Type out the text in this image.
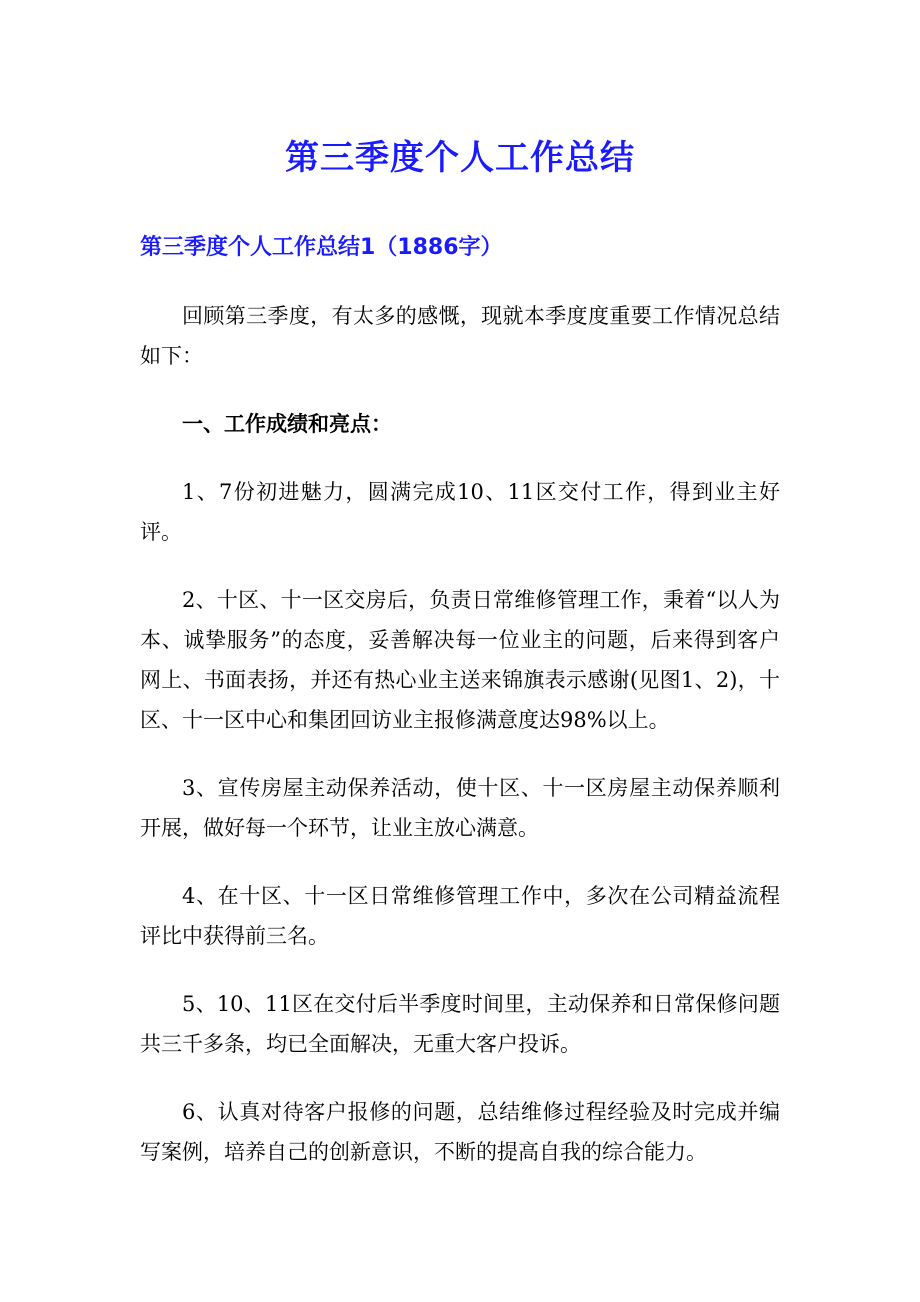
第三季度个人工作总结
第三季度个人工作总结1（1886字）

回顾第三季度，有太多的感慨，现就本季度度重要工作情况总结如下：

一、工作成绩和亮点：

1、7份初进魅力，圆满完成10、11区交付工作，得到业主好评。

2、十区、十一区交房后，负责日常维修管理工作，秉着“以人为本、诚挚服务”的态度，妥善解决每一位业主的问题，后来得到客户网上、书面表扬，并还有热心业主送来锦旗表示感谢(见图1、2)，十区、十一区中心和集团回访业主报修满意度达98%以上。

3、宣传房屋主动保养活动，使十区、十一区房屋主动保养顺利开展，做好每一个环节，让业主放心满意。

4、在十区、十一区日常维修管理工作中，多次在公司精益流程评比中获得前三名。

5、10、11区在交付后半季度时间里，主动保养和日常保修问题共三千多条，均已全面解决，无重大客户投诉。

6、认真对待客户报修的问题，总结维修过程经验及时完成并编写案例，培养自己的创新意识，不断的提高自我的综合能力。
